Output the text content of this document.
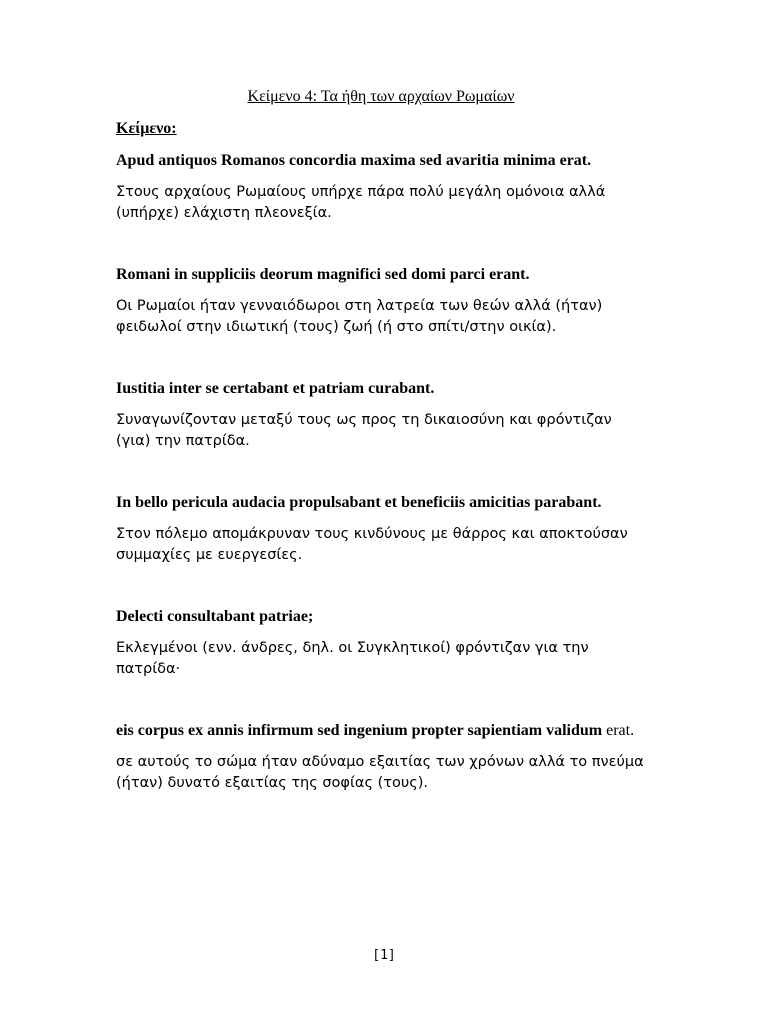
Κείμενο 4: Τα ήθη των αρχαίων Ρωμαίων

Κείμενο:

Apud antiquos Romanos concordia maxima sed avaritia minima erat.

Στους αρχαίους Ρωμαίους υπήρχε πάρα πολύ μεγάλη ομόνοια αλλά (υπήρχε) ελάχιστη πλεονεξία.

Romani in suppliciis deorum magnifici sed domi parci erant.

Οι Ρωμαίοι ήταν γενναιόδωροι στη λατρεία των θεών αλλά (ήταν) φειδωλοί στην ιδιωτική (τους) ζωή (ή στο σπίτι/στην οικία).

Iustitia inter se certabant et patriam curabant.

Συναγωνίζονταν μεταξύ τους ως προς τη δικαιοσύνη και φρόντιζαν (για) την πατρίδα.

In bello pericula audacia propulsabant et beneficiis amicitias parabant.

Στον πόλεμο απομάκρυναν τους κινδύνους με θάρρος και αποκτούσαν συμμαχίες με ευεργεσίες.

Delecti consultabant patriae;

Εκλεγμένοι (ενν. άνδρες, δηλ. οι Συγκλητικοί) φρόντιζαν για την πατρίδα·

eis corpus ex annis infirmum sed ingenium propter sapientiam validum erat.

σε αυτούς το σώμα ήταν αδύναμο εξαιτίας των χρόνων αλλά το πνεύμα (ήταν) δυνατό εξαιτίας της σοφίας (τους).

[1]
